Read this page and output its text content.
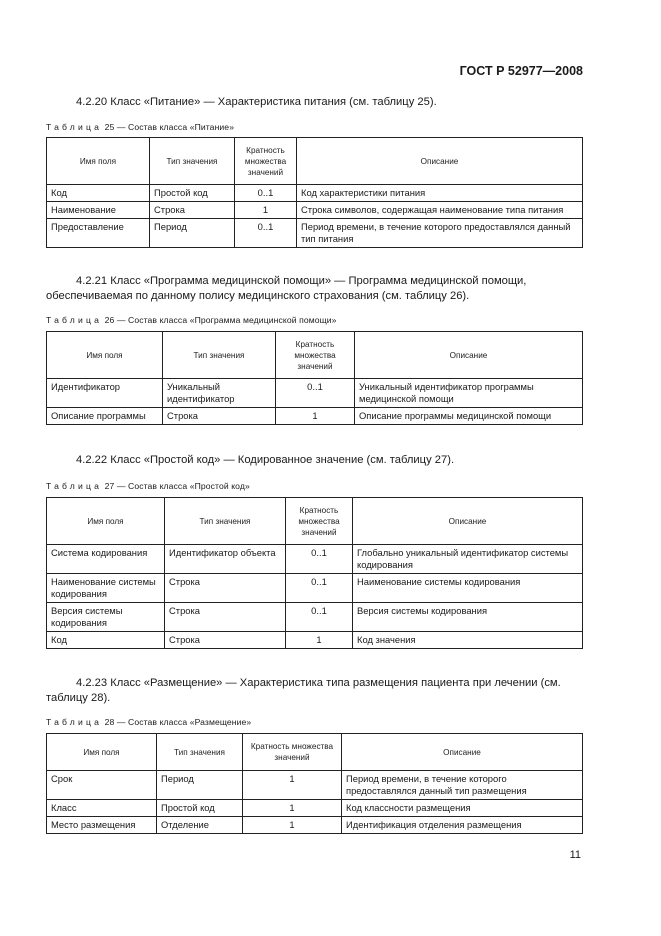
ГОСТ Р 52977—2008
4.2.20 Класс «Питание» — Характеристика питания (см. таблицу 25).
Таблица 25 — Состав класса «Питание»
Имя поля	Тип значения	Кратность множества значений	Описание
Код	Простой код	0..1	Код характеристики питания
Наименование	Строка	1	Строка символов, содержащая наименование типа питания
Предоставление	Период	0..1	Период времени, в течение которого предоставлялся данный тип питания
4.2.21 Класс «Программа медицинской помощи» — Программа медицинской помощи, обеспечиваемая по данному полису медицинского страхования (см. таблицу 26).
Таблица 26 — Состав класса «Программа медицинской помощи»
Имя поля	Тип значения	Кратность множества значений	Описание
Идентификатор	Уникальный идентификатор	0..1	Уникальный идентификатор программы медицинской помощи
Описание программы	Строка	1	Описание программы медицинской помощи
4.2.22 Класс «Простой код» — Кодированное значение (см. таблицу 27).
Таблица 27 — Состав класса «Простой код»
Имя поля	Тип значения	Кратность множества значений	Описание
Система кодирования	Идентификатор объекта	0..1	Глобально уникальный идентификатор системы кодирования
Наименование системы кодирования	Строка	0..1	Наименование системы кодирования
Версия системы кодирования	Строка	0..1	Версия системы кодирования
Код	Строка	1	Код значения
4.2.23 Класс «Размещение» — Характеристика типа размещения пациента при лечении (см. таблицу 28).
Таблица 28 — Состав класса «Размещение»
Имя поля	Тип значения	Кратность множества значений	Описание
Срок	Период	1	Период времени, в течение которого предоставлялся данный тип размещения
Класс	Простой код	1	Код классности размещения
Место размещения	Отделение	1	Идентификация отделения размещения
11
